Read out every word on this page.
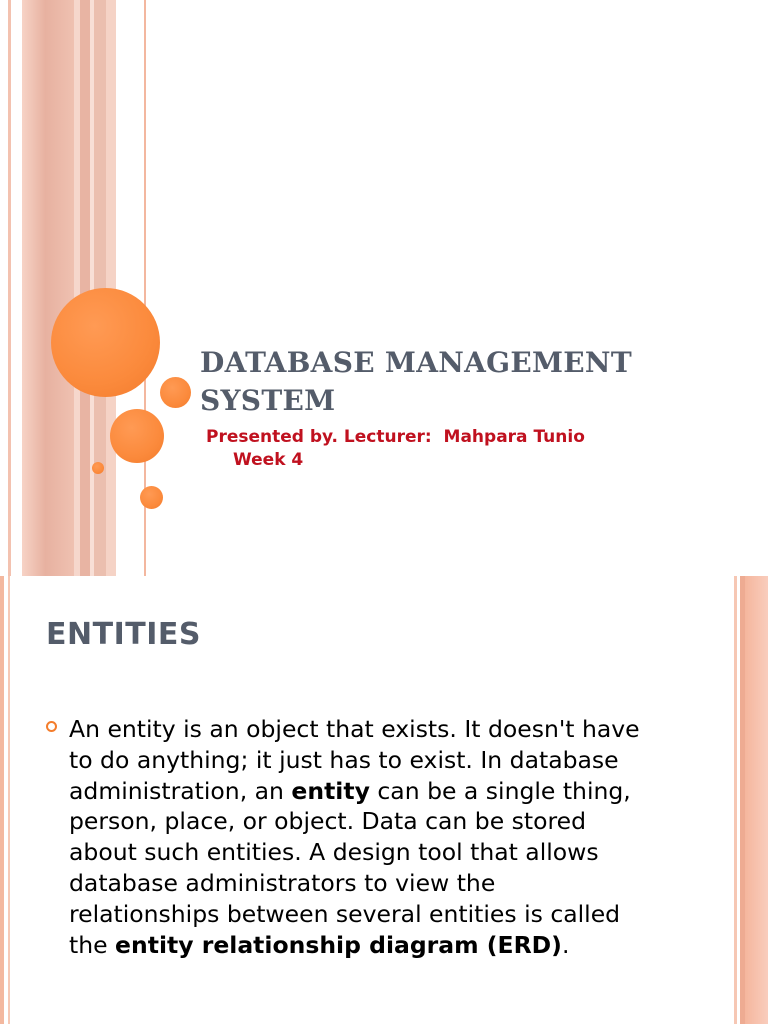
DATABASE MANAGEMENT SYSTEM
Presented by. Lecturer:  Mahpara Tunio
Week 4
ENTITIES

An entity is an object that exists. It doesn't have to do anything; it just has to exist. In database administration, an entity can be a single thing, person, place, or object. Data can be stored about such entities. A design tool that allows database administrators to view the relationships between several entities is called the entity relationship diagram (ERD).
